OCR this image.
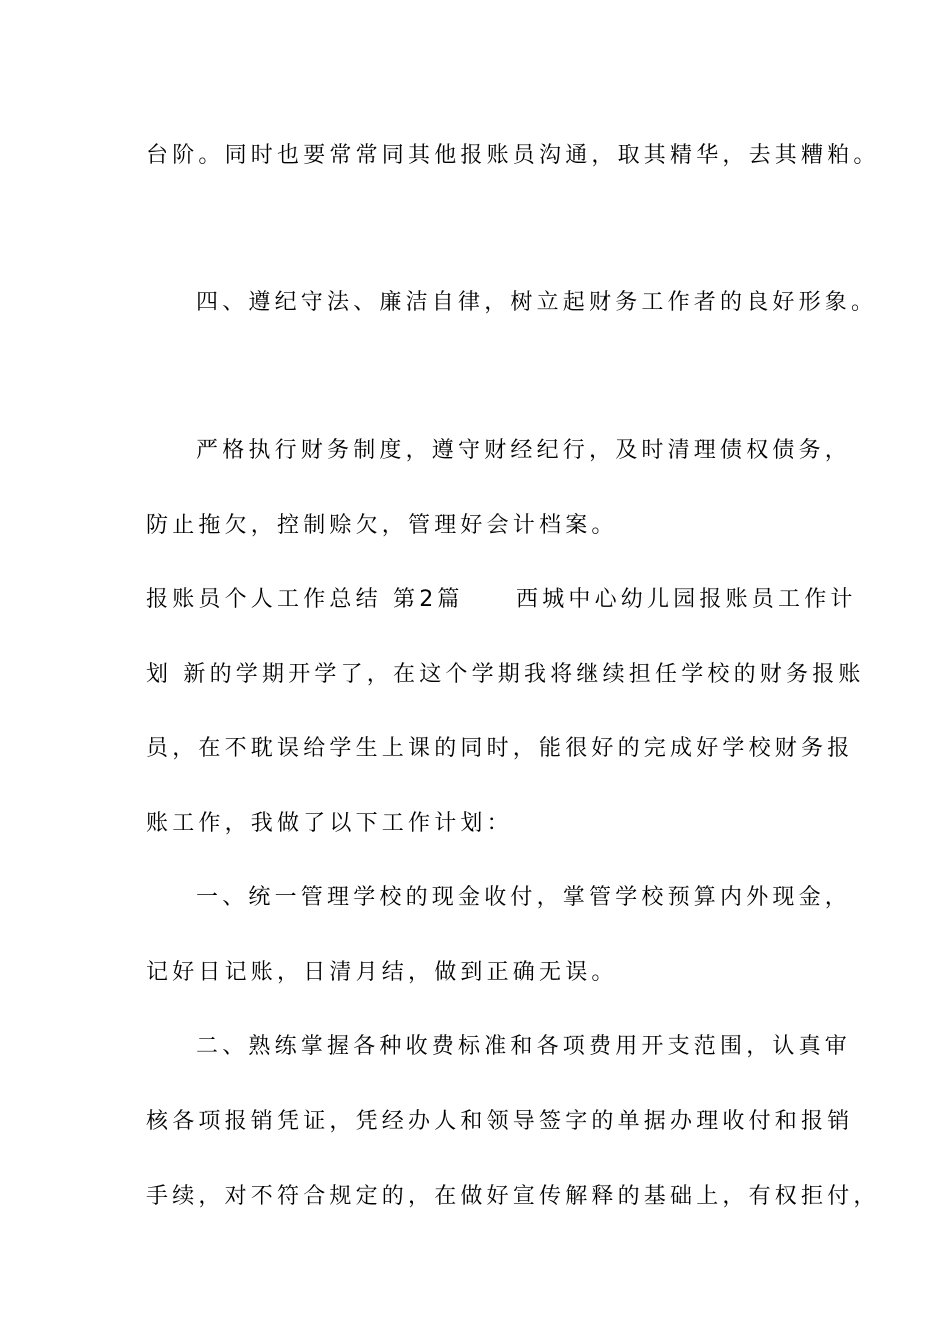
台阶。同时也要常常同其他报账员沟通，取其精华，去其糟粕。
四、遵纪守法、廉洁自律，树立起财务工作者的良好形象。
严格执行财务制度，遵守财经纪行，及时清理债权债务，
防止拖欠，控制赊欠，管理好会计档案。
报账员个人工作总结 第2篇　　西城中心幼儿园报账员工作计
划 新的学期开学了，在这个学期我将继续担任学校的财务报账
员，在不耽误给学生上课的同时，能很好的完成好学校财务报
账工作，我做了以下工作计划：
一、统一管理学校的现金收付，掌管学校预算内外现金，
记好日记账，日清月结，做到正确无误。
二、熟练掌握各种收费标准和各项费用开支范围，认真审
核各项报销凭证，凭经办人和领导签字的单据办理收付和报销
手续，对不符合规定的，在做好宣传解释的基础上，有权拒付，
